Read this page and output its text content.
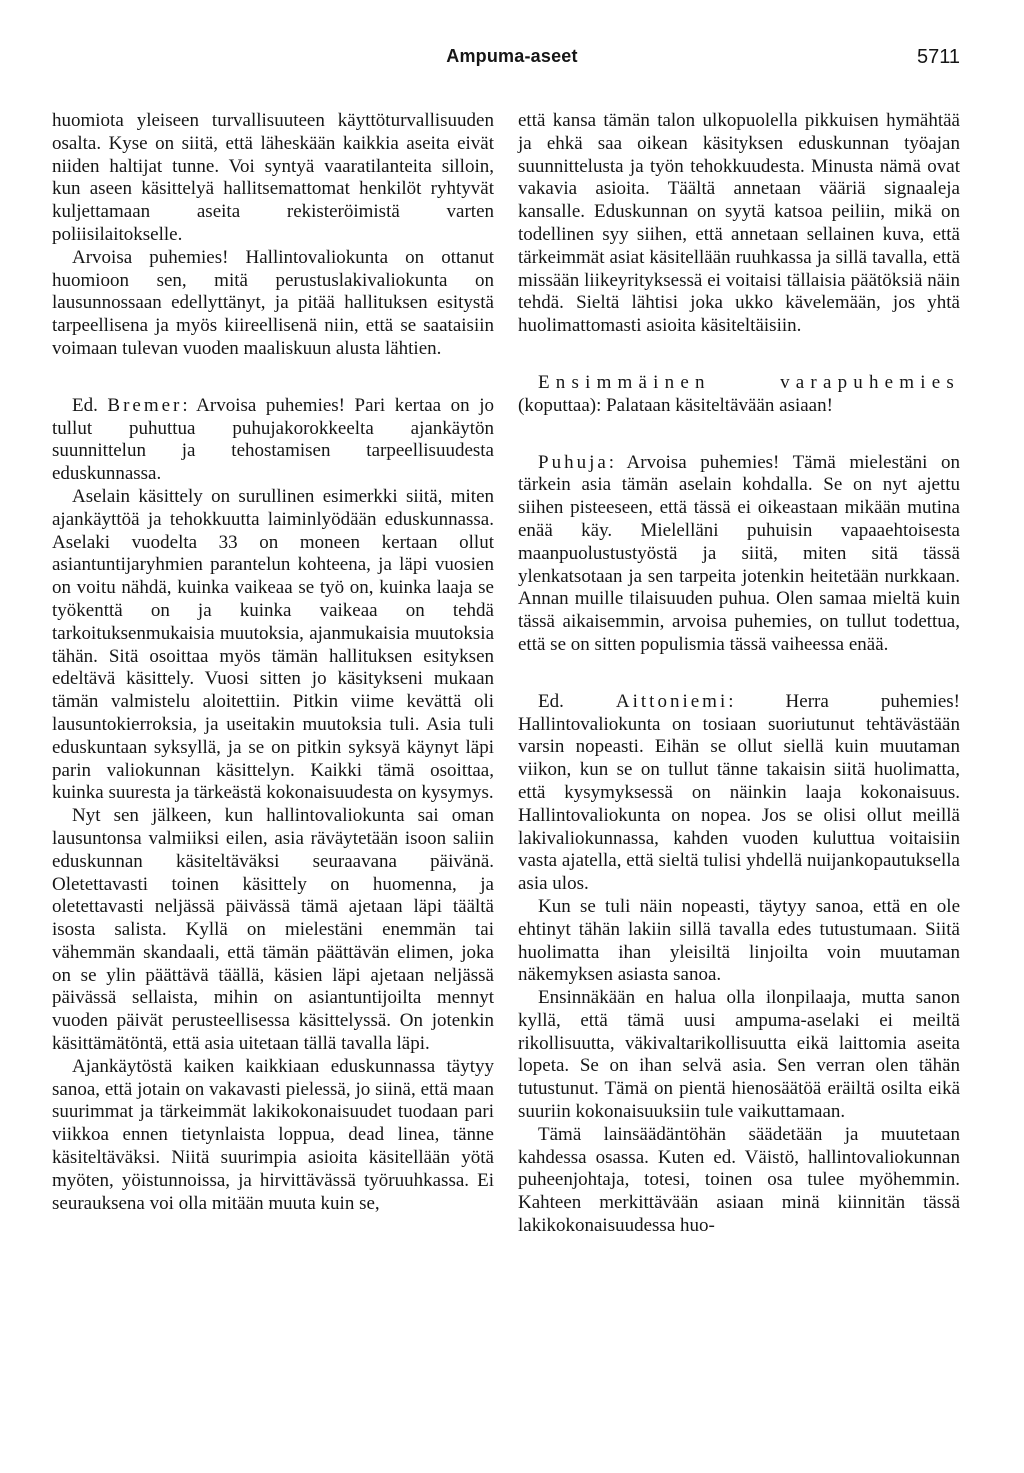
Ampuma-aseet	5711

huomiota yleiseen turvallisuuteen käyttöturvallisuuden osalta. Kyse on siitä, että läheskään kaikkia aseita eivät niiden haltijat tunne. Voi syntyä vaaratilanteita silloin, kun aseen käsittelyä hallitsemattomat henkilöt ryhtyvät kuljettamaan aseita rekisteröimistä varten poliisilaitokselle.

Arvoisa puhemies! Hallintovaliokunta on ottanut huomioon sen, mitä perustuslakivaliokunta on lausunnossaan edellyttänyt, ja pitää hallituksen esitystä tarpeellisena ja myös kiireellisenä niin, että se saataisiin voimaan tulevan vuoden maaliskuun alusta lähtien.

Ed. Bremer: Arvoisa puhemies! Pari kertaa on jo tullut puhuttua puhujakorokkeelta ajankäytön suunnittelun ja tehostamisen tarpeellisuudesta eduskunnassa.

Aselain käsittely on surullinen esimerkki siitä, miten ajankäyttöä ja tehokkuutta laiminlyödään eduskunnassa. Aselaki vuodelta 33 on moneen kertaan ollut asiantuntijaryhmien parantelun kohteena, ja läpi vuosien on voitu nähdä, kuinka vaikeaa se työ on, kuinka laaja se työkenttä on ja kuinka vaikeaa on tehdä tarkoituksenmukaisia muutoksia, ajanmukaisia muutoksia tähän. Sitä osoittaa myös tämän hallituksen esityksen edeltävä käsittely. Vuosi sitten jo käsitykseni mukaan tämän valmistelu aloitettiin. Pitkin viime kevättä oli lausuntokierroksia, ja useitakin muutoksia tuli. Asia tuli eduskuntaan syksyllä, ja se on pitkin syksyä käynyt läpi parin valiokunnan käsittelyn. Kaikki tämä osoittaa, kuinka suuresta ja tärkeästä kokonaisuudesta on kysymys.

Nyt sen jälkeen, kun hallintovaliokunta sai oman lausuntonsa valmiiksi eilen, asia räväytetään isoon saliin eduskunnan käsiteltäväksi seuraavana päivänä. Oletettavasti toinen käsittely on huomenna, ja oletettavasti neljässä päivässä tämä ajetaan läpi täältä isosta salista. Kyllä on mielestäni enemmän tai vähemmän skandaali, että tämän päättävän elimen, joka on se ylin päättävä täällä, käsien läpi ajetaan neljässä päivässä sellaista, mihin on asiantuntijoilta mennyt vuoden päivät perusteellisessa käsittelyssä. On jotenkin käsittämätöntä, että asia uitetaan tällä tavalla läpi.

Ajankäytöstä kaiken kaikkiaan eduskunnassa täytyy sanoa, että jotain on vakavasti pielessä, jo siinä, että maan suurimmat ja tärkeimmät lakikokonaisuudet tuodaan pari viikkoa ennen tietynlaista loppua, dead linea, tänne käsiteltäväksi. Niitä suurimpia asioita käsitellään yötä myöten, yöistunnoissa, ja hirvittävässä työruuhkassa. Ei seurauksena voi olla mitään muuta kuin se,

että kansa tämän talon ulkopuolella pikkuisen hymähtää ja ehkä saa oikean käsityksen eduskunnan työajan suunnittelusta ja työn tehokkuudesta. Minusta nämä ovat vakavia asioita. Täältä annetaan vääriä signaaleja kansalle. Eduskunnan on syytä katsoa peiliin, mikä on todellinen syy siihen, että annetaan sellainen kuva, että tärkeimmät asiat käsitellään ruuhkassa ja sillä tavalla, että missään liikeyrityksessä ei voitaisi tällaisia päätöksiä näin tehdä. Sieltä lähtisi joka ukko kävelemään, jos yhtä huolimattomasti asioita käsiteltäisiin.

Ensimmäinen varapuhemies (koputtaa): Palataan käsiteltävään asiaan!

Puhuja: Arvoisa puhemies! Tämä mielestäni on tärkein asia tämän aselain kohdalla. Se on nyt ajettu siihen pisteeseen, että tässä ei oikeastaan mikään mutina enää käy. Mielelläni puhuisin vapaaehtoisesta maanpuolustustyöstä ja siitä, miten sitä tässä ylenkatsotaan ja sen tarpeita jotenkin heitetään nurkkaan. Annan muille tilaisuuden puhua. Olen samaa mieltä kuin tässä aikaisemmin, arvoisa puhemies, on tullut todettua, että se on sitten populismia tässä vaiheessa enää.

Ed.	Aittoniemi: Herra puhemies! Hallintovaliokunta on tosiaan suoriutunut tehtävästään varsin nopeasti. Eihän se ollut siellä kuin muutaman viikon, kun se on tullut tänne takaisin siitä huolimatta, että kysymyksessä on näinkin laaja kokonaisuus. Hallintovaliokunta on nopea. Jos se olisi ollut meillä lakivaliokunnassa, kahden vuoden kuluttua voitaisiin vasta ajatella, että sieltä tulisi yhdellä nuijankopautuksella asia ulos.

Kun se tuli näin nopeasti, täytyy sanoa, että en ole ehtinyt tähän lakiin sillä tavalla edes tutustumaan. Siitä huolimatta ihan yleisiltä linjoilta voin muutaman näkemyksen asiasta sanoa.

Ensinnäkään en halua olla ilonpilaaja, mutta sanon kyllä, että tämä uusi ampuma-aselaki ei meiltä rikollisuutta, väkivaltarikollisuutta eikä laittomia aseita lopeta. Se on ihan selvä asia. Sen verran olen tähän tutustunut. Tämä on pientä hienosäätöä eräiltä osilta eikä suuriin kokonaisuuksiin tule vaikuttamaan.

Tämä lainsäädäntöhän säädetään ja muutetaan kahdessa osassa. Kuten ed. Väistö, hallintovaliokunnan puheenjohtaja, totesi, toinen osa tulee myöhemmin. Kahteen merkittävään asiaan minä kiinnitän tässä lakikokonaisuudessa huo-
